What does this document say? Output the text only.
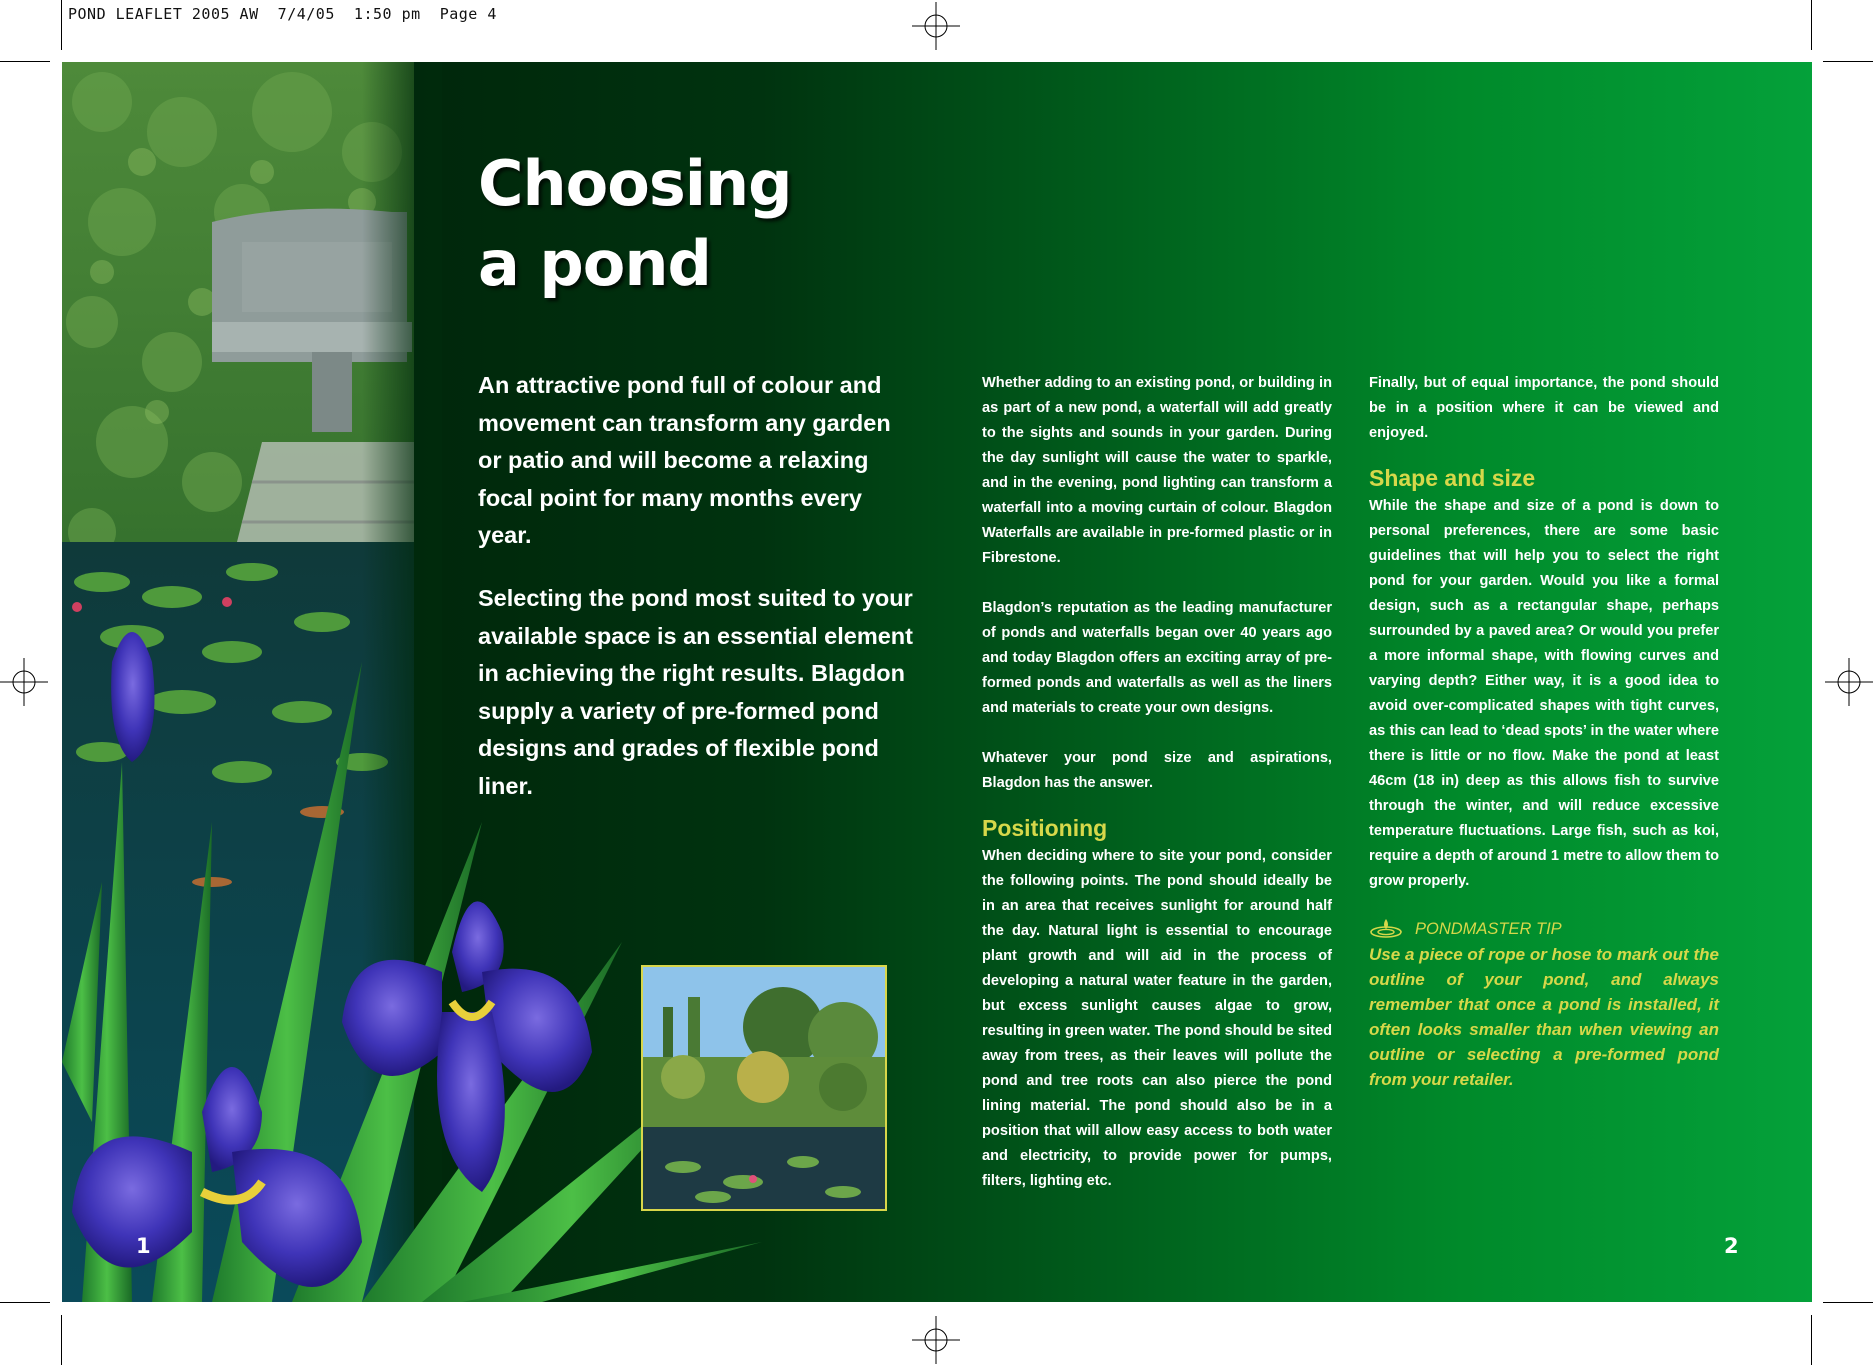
POND LEAFLET 2005 AW  7/4/05  1:50 pm  Page 4
Choosing
a pond

An attractive pond full of colour and movement can transform any garden or patio and will become a relaxing focal point for many months every year.

Selecting the pond most suited to your available space is an essential element in achieving the right results. Blagdon supply a variety of pre-formed pond designs and grades of flexible pond liner.

Whether adding to an existing pond, or building in as part of a new pond, a waterfall will add greatly to the sights and sounds in your garden. During the day sunlight will cause the water to sparkle, and in the evening, pond lighting can transform a waterfall into a moving curtain of colour. Blagdon Waterfalls are available in pre-formed plastic or in Fibrestone.

Blagdon’s reputation as the leading manufacturer of ponds and waterfalls began over 40 years ago and today Blagdon offers an exciting array of pre-formed ponds and waterfalls as well as the liners and materials to create your own designs.

Whatever your pond size and aspirations, Blagdon has the answer.

Positioning

When deciding where to site your pond, consider the following points. The pond should ideally be in an area that receives sunlight for around half the day. Natural light is essential to encourage plant growth and will aid in the process of developing a natural water feature in the garden, but excess sunlight causes algae to grow, resulting in green water. The pond should be sited away from trees, as their leaves will pollute the pond and tree roots can also pierce the pond lining material. The pond should also be in a position that will allow easy access to both water and electricity, to provide power for pumps, filters, lighting etc.

Finally, but of equal importance, the pond should be in a position where it can be viewed and enjoyed.

Shape and size

While the shape and size of a pond is down to personal preferences, there are some basic guidelines that will help you to select the right pond for your garden. Would you like a formal design, such as a rectangular shape, perhaps surrounded by a paved area? Or would you prefer a more informal shape, with flowing curves and varying depth? Either way, it is a good idea to avoid over-complicated shapes with tight curves, as this can lead to ‘dead spots’ in the water where there is little or no flow. Make the pond at least 46cm (18 in) deep as this allows fish to survive through the winter, and will reduce excessive temperature fluctuations. Large fish, such as koi, require a depth of around 1 metre to allow them to grow properly.

PONDMASTER TIP

Use a piece of rope or hose to mark out the outline of your pond, and always remember that once a pond is installed, it often looks smaller than when viewing an outline or selecting a pre-formed pond from your retailer.

1	2
